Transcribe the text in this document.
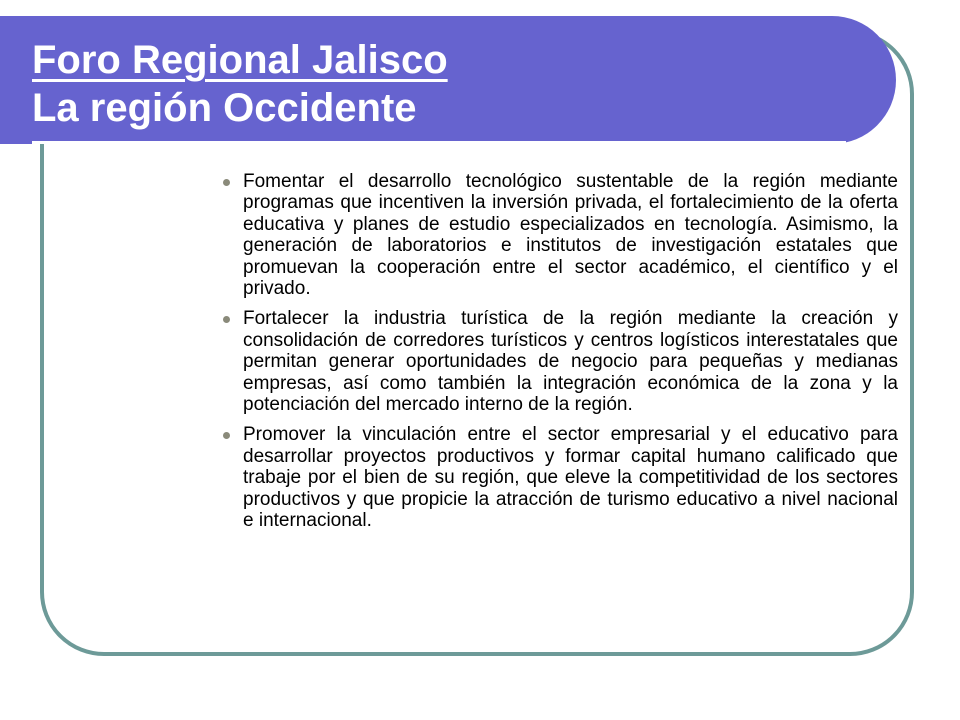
Foro Regional Jalisco
La región Occidente
Fomentar el desarrollo tecnológico sustentable de la región mediante programas que incentiven la inversión privada, el fortalecimiento de la oferta educativa y planes de estudio especializados en tecnología. Asimismo, la generación de laboratorios e institutos de investigación estatales que promuevan la cooperación entre el sector académico, el científico y el privado.
Fortalecer la industria turística de la región mediante la creación y consolidación de corredores turísticos y centros logísticos interestatales que permitan generar oportunidades de negocio para pequeñas y medianas empresas, así como también la integración económica de la zona y la potenciación del mercado interno de la región.
Promover la vinculación entre el sector empresarial y el educativo para desarrollar proyectos productivos y formar capital humano calificado que trabaje por el bien de su región, que eleve la competitividad de los sectores productivos y que propicie la atracción de turismo educativo a nivel nacional e internacional.
